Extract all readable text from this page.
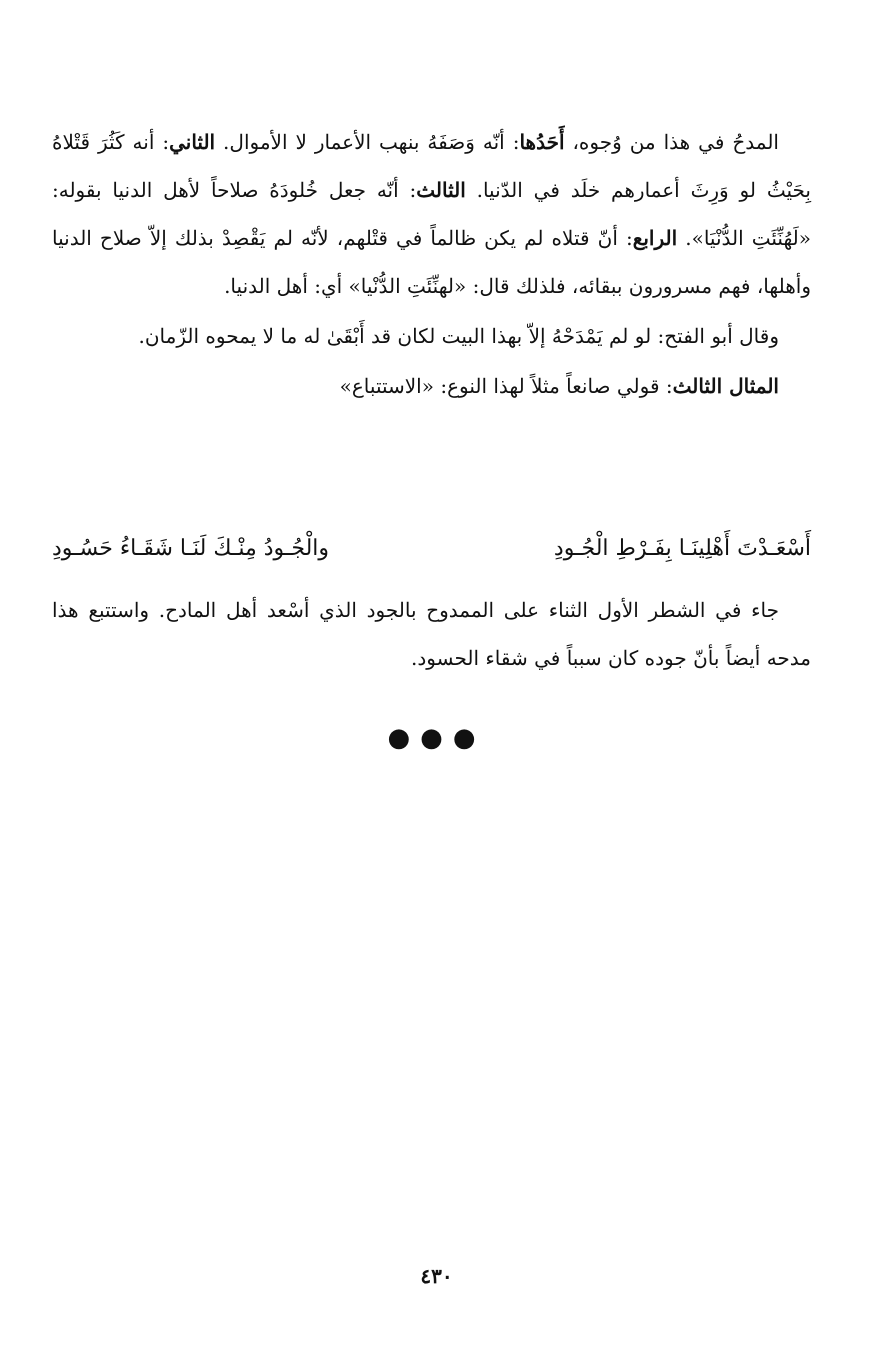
المدحُ في هذا من وُجوه، أَحَدُها: أنّه وَصَفَهُ بنهب الأعمار لا الأموال. الثاني: أنه كَثُرَ قَتْلاهُ بِحَيْثُ لو وَرِثَ أعمارهم خلَد في الدّنيا. الثالث: أنّه جعل خُلودَهُ صلاحاً لأهل الدنيا بقوله: «لَهُنِّئَتِ الدُّنْيَا». الرابع: أنّ قتلاه لم يكن ظالماً في قتْلهم، لأنّه لم يَقْصِدْ بذلك إلاّ صلاح الدنيا وأهلها، فهم مسرورون ببقائه، فلذلك قال: «لهنِّئَتِ الدُّنْيا» أي: أهل الدنيا.
وقال أبو الفتح: لو لم يَمْدَحْهُ إلاّ بهذا البيت لكان قد أَبْقَىٰ له ما لا يمحوه الزّمان.
المثال الثالث: قولي صانعاً مثلاً لهذا النوع: «الاستتباع»
أَسْعَـدْتَ أَهْلِينَـا بِفَـرْطِ الْجُـودِ
والْجُـودُ مِنْـكَ لَنَـا شَقَـاءُ حَسُـودِ
جاء في الشطر الأول الثناء على الممدوح بالجود الذي أسْعد أهل المادح. واستتبع هذا مدحه أيضاً بأنّ جوده كان سبباً في شقاء الحسود.
●●●
٤٣٠
